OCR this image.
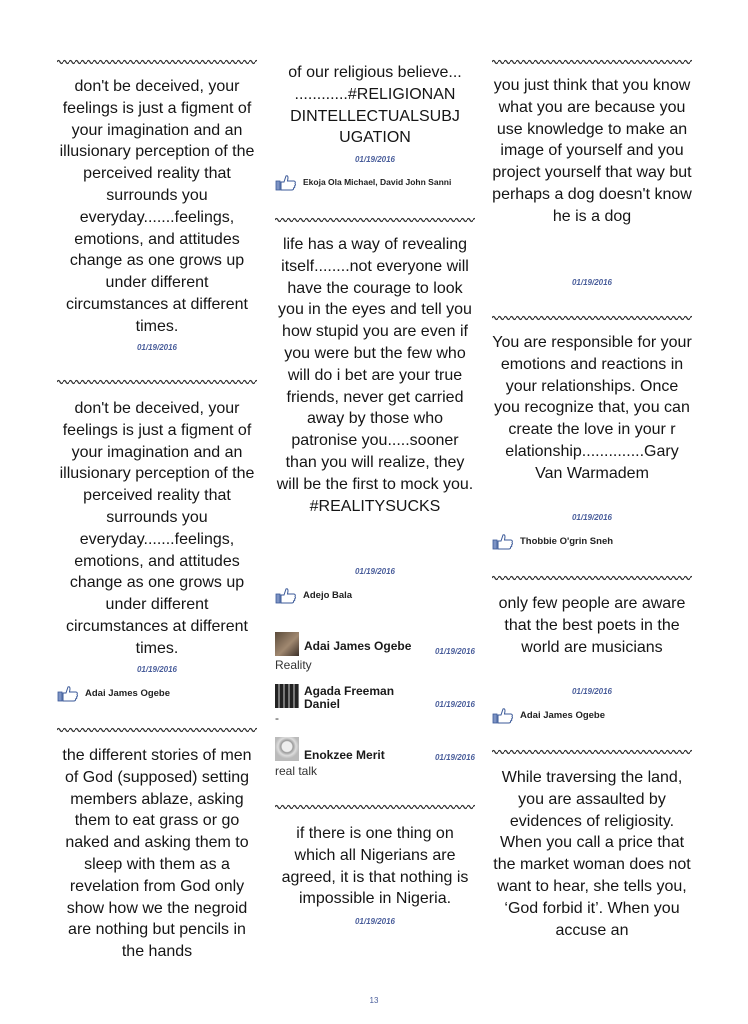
don't be deceived, your feelings is just a figment of your imagination and an illusionary perception of the perceived reality that surrounds you everyday.......feelings, emotions, and attitudes change as one grows up under different circumstances at different times.
01/19/2016
don't be deceived, your feelings is just a figment of your imagination and an illusionary perception of the perceived reality that surrounds you everyday.......feelings, emotions, and attitudes change as one grows up under different circumstances at different times.
01/19/2016
Adai James Ogebe
the different stories of men of God (supposed) setting members ablaze, asking them to eat grass or go naked and asking them to sleep with them as a revelation from God only show how we the negroid are nothing but pencils in the hands
of our religious believe... ............#RELIGIONAN DINTELLECTUALSUBJ UGATION
01/19/2016
Ekoja Ola Michael, David John Sanni
life has a way of revealing itself........not everyone will have the courage to look you in the eyes and tell you how stupid you are even if you were but the few who will do i bet are your true friends, never get carried away by those who patronise you.....sooner than you will realize, they will be the first to mock you. #REALITYSUCKS
01/19/2016
Adejo Bala
Adai James Ogebe	01/19/2016
Reality
Agada Freeman Daniel	01/19/2016
-
Enokzee Merit	01/19/2016
real talk
if there is one thing on which all Nigerians are agreed, it is that nothing is impossible in Nigeria.
01/19/2016
you just think that you know what you are because you use knowledge to make an image of yourself and you project yourself that way but perhaps a dog doesn't know he is a dog
01/19/2016
You are responsible for your emotions and reactions in your relationships. Once you recognize that, you can create the love in your r elationship..............Gary Van Warmadem
01/19/2016
Thobbie O'grin Sneh
only few people are aware that the best poets in the world are musicians
01/19/2016
Adai James Ogebe
While traversing the land, you are assaulted by evidences of religiosity. When you call a price that the market woman does not want to hear, she tells you, ‘God forbid it’. When you accuse an
13
